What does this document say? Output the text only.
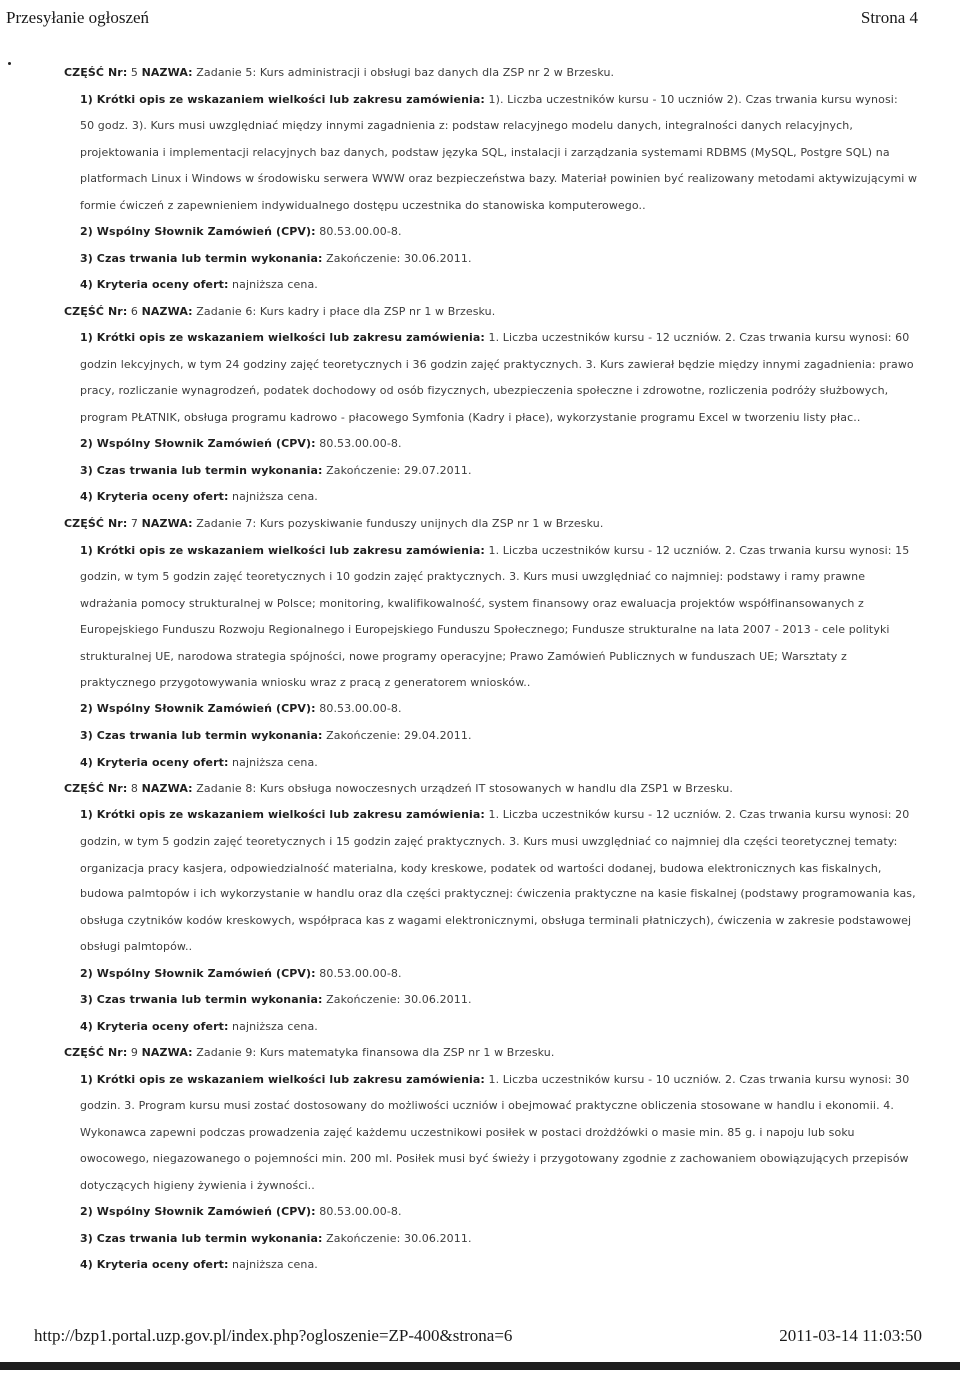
Przesyłanie ogłoszeń	Strona 4
CZĘŚĆ Nr: 5 NAZWA: Zadanie 5: Kurs administracji i obsługi baz danych dla ZSP nr 2 w Brzesku.
1) Krótki opis ze wskazaniem wielkości lub zakresu zamówienia: 1). Liczba uczestników kursu - 10 uczniów 2). Czas trwania kursu wynosi:
50 godz. 3). Kurs musi uwzględniać między innymi zagadnienia z: podstaw relacyjnego modelu danych, integralności danych relacyjnych,
projektowania i implementacji relacyjnych baz danych, podstaw języka SQL, instalacji i zarządzania systemami RDBMS (MySQL, Postgre SQL) na
platformach Linux i Windows w środowisku serwera WWW oraz bezpieczeństwa bazy. Materiał powinien być realizowany metodami aktywizującymi w
formie ćwiczeń z zapewnieniem indywidualnego dostępu uczestnika do stanowiska komputerowego..
2) Wspólny Słownik Zamówień (CPV): 80.53.00.00-8.
3) Czas trwania lub termin wykonania: Zakończenie: 30.06.2011.
4) Kryteria oceny ofert: najniższa cena.
CZĘŚĆ Nr: 6 NAZWA: Zadanie 6: Kurs kadry i płace dla ZSP nr 1 w Brzesku.
1) Krótki opis ze wskazaniem wielkości lub zakresu zamówienia: 1. Liczba uczestników kursu - 12 uczniów. 2. Czas trwania kursu wynosi: 60
godzin lekcyjnych, w tym 24 godziny zajęć teoretycznych i 36 godzin zajęć praktycznych. 3. Kurs zawierał będzie między innymi zagadnienia: prawo
pracy, rozliczanie wynagrodzeń, podatek dochodowy od osób fizycznych, ubezpieczenia społeczne i zdrowotne, rozliczenia podróży służbowych,
program PŁATNIK, obsługa programu kadrowo - płacowego Symfonia (Kadry i płace), wykorzystanie programu Excel w tworzeniu listy płac..
2) Wspólny Słownik Zamówień (CPV): 80.53.00.00-8.
3) Czas trwania lub termin wykonania: Zakończenie: 29.07.2011.
4) Kryteria oceny ofert: najniższa cena.
CZĘŚĆ Nr: 7 NAZWA: Zadanie 7: Kurs pozyskiwanie funduszy unijnych dla ZSP nr 1 w Brzesku.
1) Krótki opis ze wskazaniem wielkości lub zakresu zamówienia: 1. Liczba uczestników kursu - 12 uczniów. 2. Czas trwania kursu wynosi: 15
godzin, w tym 5 godzin zajęć teoretycznych i 10 godzin zajęć praktycznych. 3. Kurs musi uwzględniać co najmniej: podstawy i ramy prawne
wdrażania pomocy strukturalnej w Polsce; monitoring, kwalifikowalność, system finansowy oraz ewaluacja projektów współfinansowanych z
Europejskiego Funduszu Rozwoju Regionalnego i Europejskiego Funduszu Społecznego; Fundusze strukturalne na lata 2007 - 2013 - cele polityki
strukturalnej UE, narodowa strategia spójności, nowe programy operacyjne; Prawo Zamówień Publicznych w funduszach UE; Warsztaty z
praktycznego przygotowywania wniosku wraz z pracą z generatorem wniosków..
2) Wspólny Słownik Zamówień (CPV): 80.53.00.00-8.
3) Czas trwania lub termin wykonania: Zakończenie: 29.04.2011.
4) Kryteria oceny ofert: najniższa cena.
CZĘŚĆ Nr: 8 NAZWA: Zadanie 8: Kurs obsługa nowoczesnych urządzeń IT stosowanych w handlu dla ZSP1 w Brzesku.
1) Krótki opis ze wskazaniem wielkości lub zakresu zamówienia: 1. Liczba uczestników kursu - 12 uczniów. 2. Czas trwania kursu wynosi: 20
godzin, w tym 5 godzin zajęć teoretycznych i 15 godzin zajęć praktycznych. 3. Kurs musi uwzględniać co najmniej dla części teoretycznej tematy:
organizacja pracy kasjera, odpowiedzialność materialna, kody kreskowe, podatek od wartości dodanej, budowa elektronicznych kas fiskalnych,
budowa palmtopów i ich wykorzystanie w handlu oraz dla części praktycznej: ćwiczenia praktyczne na kasie fiskalnej (podstawy programowania kas,
obsługa czytników kodów kreskowych, współpraca kas z wagami elektronicznymi, obsługa terminali płatniczych), ćwiczenia w zakresie podstawowej
obsługi palmtopów..
2) Wspólny Słownik Zamówień (CPV): 80.53.00.00-8.
3) Czas trwania lub termin wykonania: Zakończenie: 30.06.2011.
4) Kryteria oceny ofert: najniższa cena.
CZĘŚĆ Nr: 9 NAZWA: Zadanie 9: Kurs matematyka finansowa dla ZSP nr 1 w Brzesku.
1) Krótki opis ze wskazaniem wielkości lub zakresu zamówienia: 1. Liczba uczestników kursu - 10 uczniów. 2. Czas trwania kursu wynosi: 30
godzin. 3. Program kursu musi zostać dostosowany do możliwości uczniów i obejmować praktyczne obliczenia stosowane w handlu i ekonomii. 4.
Wykonawca zapewni podczas prowadzenia zajęć każdemu uczestnikowi posiłek w postaci drożdżówki o masie min. 85 g. i napoju lub soku
owocowego, niegazowanego o pojemności min. 200 ml. Posiłek musi być świeży i przygotowany zgodnie z zachowaniem obowiązujących przepisów
dotyczących higieny żywienia i żywności..
2) Wspólny Słownik Zamówień (CPV): 80.53.00.00-8.
3) Czas trwania lub termin wykonania: Zakończenie: 30.06.2011.
4) Kryteria oceny ofert: najniższa cena.
http://bzp1.portal.uzp.gov.pl/index.php?ogloszenie=ZP-400&strona=6	2011-03-14 11:03:50
